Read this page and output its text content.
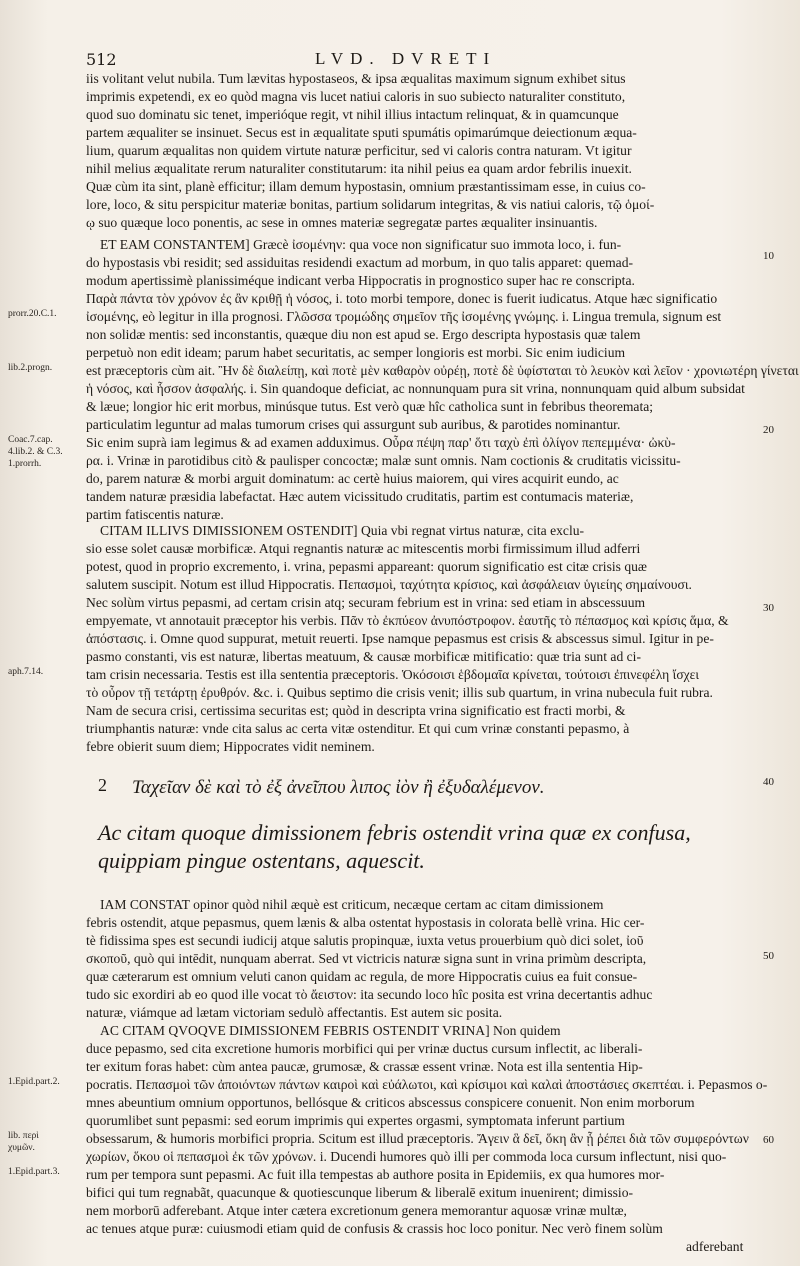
512	LVD. DVRETI
prorr.20.C.1.
lib.2.progn.
Coac.7.cap.
4.lib.2. & C.3.
1.prorrh.
aph.7.14.
1.Epid.part.2.
lib. περὶ
χυμῶν.
1.Epid.part.3.
10
20
30
40
50
60
2
iis volitant velut nubila. Tum lævitas hypostaseos, & ipsa æqualitas maximum signum exhibet situs
imprimis expetendi, ex eo quòd magna vis lucet natiui caloris in suo subiecto naturaliter constituto,
quod suo dominatu sic tenet, imperióque regit, vt nihil illius intactum relinquat, & in quamcunque
partem æqualiter se insinuet. Secus est in æqualitate sputi spumátis opimarúmque deiectionum æqua-
lium, quarum æqualitas non quidem virtute naturæ perficitur, sed vi caloris contra naturam. Vt igitur
nihil melius æqualitate rerum naturaliter constitutarum: ita nihil peius ea quam ardor febrilis inuexit.
Quæ cùm ita sint, planè efficitur; illam demum hypostasin, omnium præstantissimam esse, in cuius co-
lore, loco, & situ perspicitur materiæ bonitas, partium solidarum integritas, & vis natiui caloris, τῷ ὁμοί-
ῳ suo quæque loco ponentis, ac sese in omnes materiæ segregatæ partes æqualiter insinuantis.
ET EAM CONSTANTEM] Græcè ἰσομένην: qua voce non significatur suo immota loco, i. fun-
do hypostasis vbi residit; sed assiduitas residendi exactum ad morbum, in quo talis apparet: quemad-
modum apertissimè planissiméque indicant verba Hippocratis in prognostico super hac re conscripta.
Παρὰ πάντα τὸν χρόνον ἐς ἂν κριθῇ ἡ νόσος, i. toto morbi tempore, donec is fuerit iudicatus. Atque hæc significatio
ἰσομένης, eò legitur in illa prognosi. Γλῶσσα τρομώδης σημεῖον τῆς ἰσομένης γνώμης. i. Lingua tremula, signum est
non solidæ mentis: sed inconstantis, quæque diu non est apud se. Ergo descripta hypostasis quæ talem
perpetuò non edit ideam; parum habet securitatis, ac semper longioris est morbi. Sic enim iudicium
est præceptoris cùm ait. Ἢν δὲ διαλείπῃ, καὶ ποτὲ μὲν καθαρὸν οὐρέῃ, ποτὲ δὲ ὑφίσταται τὸ λευκὸν καὶ λεῖον · χρονιωτέρη γίνεται
ἡ νόσος, καὶ ἧσσον ἀσφαλής. i. Sin quandoque deficiat, ac nonnunquam pura sit vrina, nonnunquam quid album subsidat
& læue; longior hic erit morbus, minúsque tutus. Est verò quæ hîc catholica sunt in febribus theoremata;
particulatim leguntur ad malas tumorum crises qui assurgunt sub auribus, & parotides nominantur.
Sic enim suprà iam legimus & ad examen adduximus. Οὖρα πέψη παρ' ὅτι ταχὺ ἐπὶ ὀλίγον πεπεμμένα· ὠκὺ-
ρα. i. Vrinæ in parotidibus citò & paulisper concoctæ; malæ sunt omnis. Nam coctionis & cruditatis vicissitu-
do, parem naturæ & morbi arguit dominatum: ac certè huius maiorem, qui vires acquirit eundo, ac
tandem naturæ præsidia labefactat. Hæc autem vicissitudo cruditatis, partim est contumacis materiæ,
partim fatiscentis naturæ.
CITAM ILLIVS DIMISSIONEM OSTENDIT] Quia vbi regnat virtus naturæ, cita exclu-
sio esse solet causæ morbificæ. Atqui regnantis naturæ ac mitescentis morbi firmissimum illud adferri
potest, quod in proprio excremento, i. vrina, pepasmi appareant: quorum significatio est citæ crisis quæ
salutem suscipit. Notum est illud Hippocratis. Πεπασμοὶ, ταχύτητα κρίσιος, καὶ ἀσφάλειαν ὑγιείης σημαίνουσι.
Nec solùm virtus pepasmi, ad certam crisin atq; securam febrium est in vrina: sed etiam in abscessuum
empyemate, vt annotauit præceptor his verbis. Πᾶν τὸ ἐκπύεον ἀνυπόστροφον. ἑαυτῆς τὸ πέπασμος καὶ κρίσις ἅμα, &
ἀπόστασις. i. Omne quod suppurat, metuit reuerti. Ipse namque pepasmus est crisis & abscessus simul. Igitur in pe-
pasmo constanti, vis est naturæ, libertas meatuum, & causæ morbificæ mitificatio: quæ tria sunt ad ci-
tam crisin necessaria. Testis est illa sententia præceptoris. Ὁκόσοισι ἑβδομαῖα κρίνεται, τούτοισι ἐπινεφέλη ἴσχει
τὸ οὖρον τῇ τετάρτῃ ἐρυθρόν. &c. i. Quibus septimo die crisis venit; illis sub quartum, in vrina nubecula fuit rubra.
Nam de secura crisi, certissima securitas est; quòd in descripta vrina significatio est fracti morbi, &
triumphantis naturæ: vnde cita salus ac certa vitæ ostenditur. Et qui cum vrinæ constanti pepasmo, à
febre obierit suum diem; Hippocrates vidit neminem.
Ταχεῖαν δὲ καὶ τὸ ἐξ ἀνεῖπου λιπος ἰὸν ἢ ἐξυδαλέμενον.
Ac citam quoque dimissionem febris ostendit vrina quæ ex confusa,
quippiam pingue ostentans, aquescit.
IAM CONSTAT opinor quòd nihil æquè est criticum, necæque certam ac citam dimissionem
febris ostendit, atque pepasmus, quem lænis & alba ostentat hypostasis in colorata bellè vrina. Hic cer-
tè fidissima spes est secundi iudicij atque salutis propinquæ, iuxta vetus prouerbium quò dici solet, ἰοῦ
σκοποῦ, quò qui intēdit, nunquam aberrat. Sed vt victricis naturæ signa sunt in vrina primùm descripta,
quæ cæterarum est omnium veluti canon quidam ac regula, de more Hippocratis cuius ea fuit consue-
tudo sic exordiri ab eo quod ille vocat τὸ ἄειστον: ita secundo loco hîc posita est vrina decertantis adhuc
naturæ, viámque ad lætam victoriam sedulò affectantis. Est autem sic posita.
AC CITAM QVOQVE DIMISSIONEM FEBRIS OSTENDIT VRINA] Non quidem
duce pepasmo, sed cita excretione humoris morbifici qui per vrinæ ductus cursum inflectit, ac liberali-
ter exitum foras habet: cùm antea paucæ, grumosæ, & crassæ essent vrinæ. Nota est illa sententia Hip-
pocratis. Πεπασμοὶ τῶν ἀποιόντων πάντων καιροὶ καὶ εὐάλωτοι, καὶ κρίσιμοι καὶ καλαὶ ἀποστάσιες σκεπτέαι. i. Pepasmos o-
mnes abeuntium omnium opportunos, bellósque & criticos abscessus conspicere conuenit. Non enim morborum
quorumlibet sunt pepasmi: sed eorum imprimis qui expertes orgasmi, symptomata inferunt partium
obsessarum, & humoris morbifici propria. Scitum est illud præceptoris. Ἄγειν ἃ δεῖ, ὅκη ἂν ᾖ ῥέπει διὰ τῶν συμφερόντων
χωρίων, ὅκου οἱ πεπασμοὶ ἐκ τῶν χρόνων. i. Ducendi humores quò illi per commoda loca cursum inflectunt, nisi quo-
rum per tempora sunt pepasmi. Ac fuit illa tempestas ab authore posita in Epidemiis, ex qua humores mor-
bifici qui tum regnabãt, quacunque & quotiescunque liberum & liberalē exitum inuenirent; dimissio-
nem morborū adferebant. Atque inter cætera excretionum genera memorantur aquosæ vrinæ multæ,
ac tenues atque puræ: cuiusmodi etiam quid de confusis & crassis hoc loco ponitur. Nec verò finem solùm
adferebant
